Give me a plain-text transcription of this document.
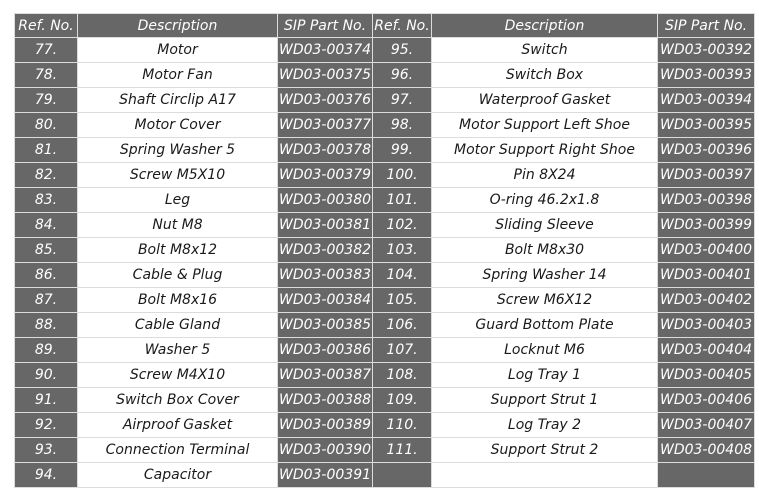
Ref. No.	Description	SIP Part No.	Ref. No.	Description	SIP Part No.
77.	Motor	WD03-00374	95.	Switch	WD03-00392
78.	Motor Fan	WD03-00375	96.	Switch Box	WD03-00393
79.	Shaft Circlip A17	WD03-00376	97.	Waterproof Gasket	WD03-00394
80.	Motor Cover	WD03-00377	98.	Motor Support Left Shoe	WD03-00395
81.	Spring Washer 5	WD03-00378	99.	Motor Support Right Shoe	WD03-00396
82.	Screw M5X10	WD03-00379	100.	Pin 8X24	WD03-00397
83.	Leg	WD03-00380	101.	O-ring 46.2x1.8	WD03-00398
84.	Nut M8	WD03-00381	102.	Sliding Sleeve	WD03-00399
85.	Bolt M8x12	WD03-00382	103.	Bolt M8x30	WD03-00400
86.	Cable & Plug	WD03-00383	104.	Spring Washer 14	WD03-00401
87.	Bolt M8x16	WD03-00384	105.	Screw M6X12	WD03-00402
88.	Cable Gland	WD03-00385	106.	Guard Bottom Plate	WD03-00403
89.	Washer 5	WD03-00386	107.	Locknut M6	WD03-00404
90.	Screw M4X10	WD03-00387	108.	Log Tray 1	WD03-00405
91.	Switch Box Cover	WD03-00388	109.	Support Strut 1	WD03-00406
92.	Airproof Gasket	WD03-00389	110.	Log Tray 2	WD03-00407
93.	Connection Terminal	WD03-00390	111.	Support Strut 2	WD03-00408
94.	Capacitor	WD03-00391			
